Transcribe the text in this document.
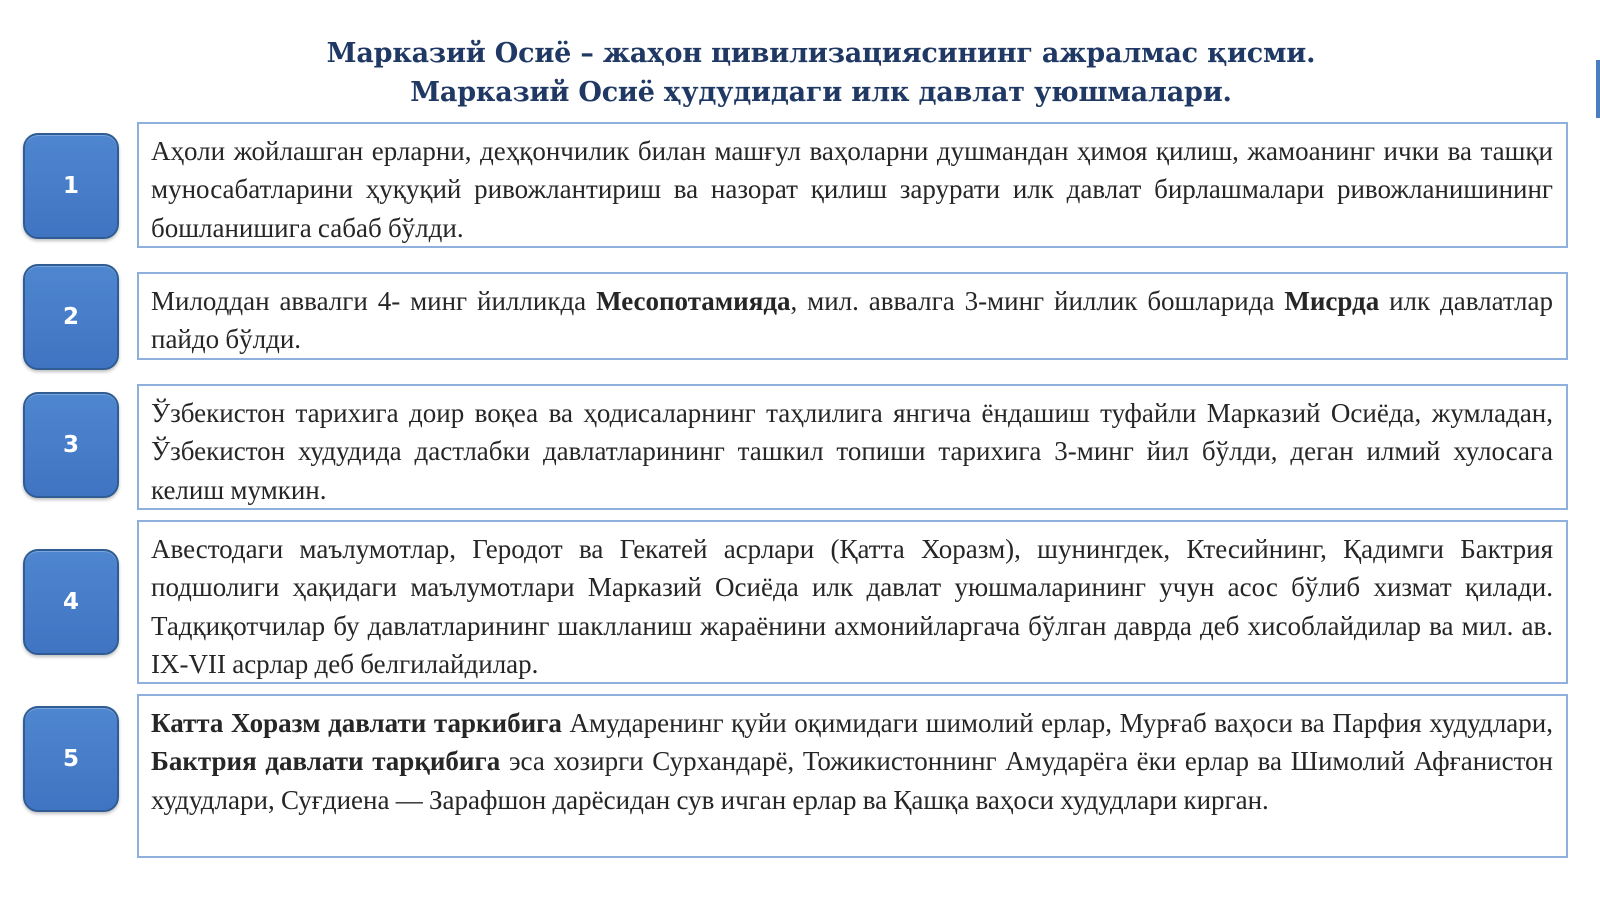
Марказий Осиё – жаҳон цивилизациясининг ажралмас қисми.
Марказий Осиё ҳудудидаги илк давлат уюшмалари.
1
Аҳоли жойлашган ерларни, деҳқончилик билан машғул ваҳоларни душмандан ҳимоя қилиш, жамоанинг ички ва ташқи муносабатларини ҳуқуқий ривожлантириш ва назорат қилиш зарурати илк давлат бирлашмалари ривожланишининг бошланишига сабаб бўлди.
2
Милоддан аввалги 4- минг йилликда Месопотамияда, мил. аввалга 3-минг йиллик бошларида Мисрда илк давлатлар пайдо бўлди.
3
Ўзбекистон тарихига доир воқеа ва ҳодисаларнинг таҳлилига янгича ёндашиш туфайли Марказий Осиёда, жумладан, Ўзбекистон худудида дастлабки давлатларининг ташкил топиши тарихига 3-минг йил бўлди, деган илмий хулосага келиш мумкин.
4
Авестодаги маълумотлар, Геродот ва Гекатей асрлари (Қатта Хоразм), шунингдек, Ктесийнинг, Қадимги Бактрия подшолиги ҳақидаги маълумотлари Марказий Осиёда илк давлат уюшмаларининг учун асос бўлиб хизмат қилади. Тадқиқотчилар бу давлатларининг шаклланиш жараёнини ахмонийларгача бўлган даврда деб хисоблайдилар ва мил. ав. IX-VII асрлар деб белгилайдилар.
5
Катта Хоразм давлати таркибига Амударенинг қуйи оқимидаги шимолий ерлар, Мурғаб ваҳоси ва Парфия худудлари, Бактрия давлати тарқибига эса хозирги Сурхандарё, Тожикистоннинг Амударёга ёки ерлар ва Шимолий Афғанистон худудлари, Суғдиена — Зарафшон дарёсидан сув ичган ерлар ва Қашқа ваҳоси худудлари кирган.
